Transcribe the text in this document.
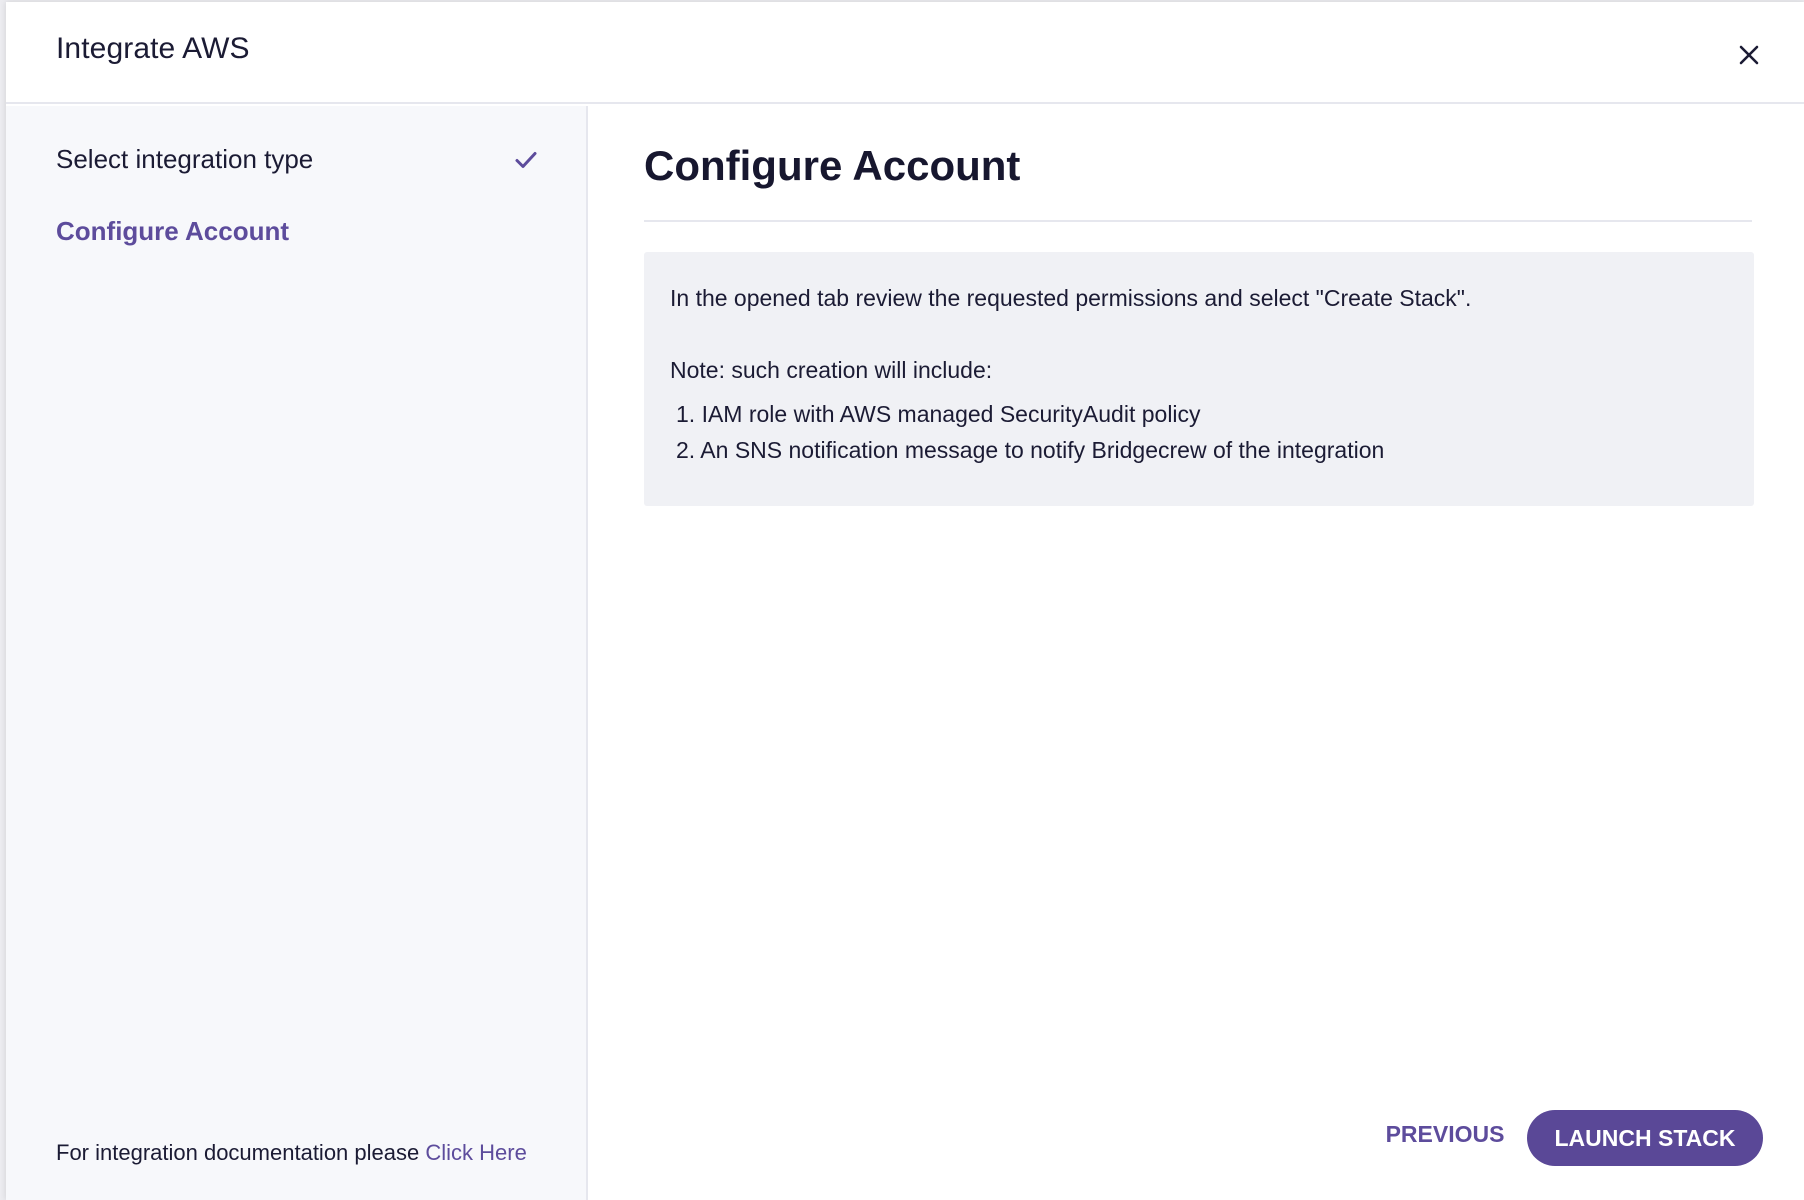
Integrate AWS
Select integration type
Configure Account
For integration documentation please Click Here
Configure Account

In the opened tab review the requested permissions and select "Create Stack".

Note: such creation will include:

1. IAM role with AWS managed SecurityAudit policy
2. An SNS notification message to notify Bridgecrew of the integration
PREVIOUS	LAUNCH STACK
